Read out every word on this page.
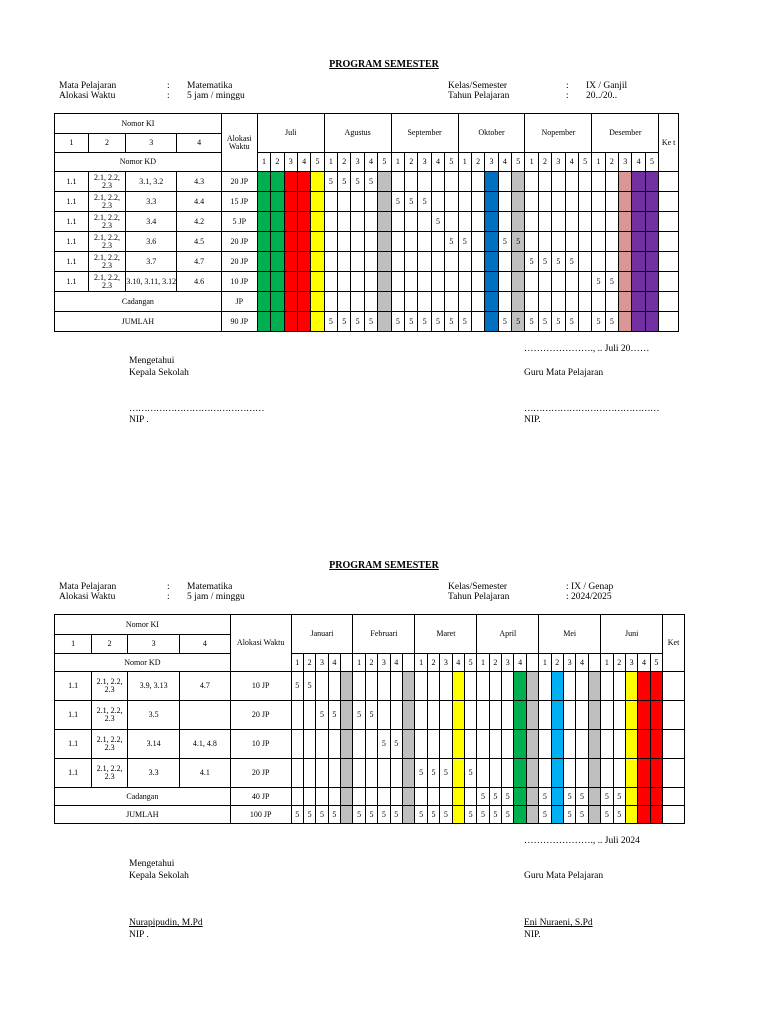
PROGRAM SEMESTER
Mata Pelajaran	: Matematika
Alokasi Waktu	: 5 jam / minggu
Kelas/Semester	: IX / Ganjil
Tahun Pelajaran	: 20../20..
Nomor KI				Alokasi Waktu	Juli					Agustus					September					Oktober					Nopember					Desember					Ke t
1	2	3	4																																
Nomor KD					1	2	3	4	5	1	2	3	4	5	1	2	3	4	5	1	2	3	4	5	1	2	3	4	5	1	2	3	4	5	
1.1	2.1, 2.2, 2.3	3.1, 3.2	4.3	20 JP						5	5	5	5																						
1.1	2.1, 2.2, 2.3	3.3	4.4	15 JP											5	5	5																		
1.1	2.1, 2.2, 2.3	3.4	4.2	5 JP														5																	
1.1	2.1, 2.2, 2.3	3.6	4.5	20 JP															5	5			5	5											
1.1	2.1, 2.2, 2.3	3.7	4.7	20 JP																					5	5	5	5							
1.1	2.1, 2.2, 2.3	3.10, 3.11, 3.12	4.6	10 JP																										5	5				
Cadangan				JP																															
JUMLAH				90 JP						5	5	5	5		5	5	5	5	5	5			5	5	5	5	5	5		5	5				
Mengetahui
Kepala Sekolah
………………………………………
NIP .
…………………., .. Juli 20……
Guru Mata Pelajaran
………………………………………
NIP.
PROGRAM SEMESTER
Mata Pelajaran	: Matematika
Alokasi Waktu	: 5 jam / minggu
Kelas/Semester	: IX / Genap
Tahun Pelajaran	: 2024/2025
Nomor KI				Alokasi Waktu	Januari					Februari					Maret					April					Mei					Juni					Ket
1	2	3	4																																
Nomor KD					1	2	3	4		1	2	3	4		1	2	3	4	5	1	2	3	4		1	2	3	4		1	2	3	4	5	
1.1	2.1, 2.2, 2.3	3.9, 3.13	4.7	10 JP	5	5																													
1.1	2.1, 2.2, 2.3	3.5		20 JP			5	5		5	5																								
1.1	2.1, 2.2, 2.3	3.14	4.1, 4.8	10 JP								5	5																						
1.1	2.1, 2.2, 2.3	3.3	4.1	20 JP											5	5	5		5																
Cadangan				40 JP																5	5	5			5		5	5		5	5				
JUMLAH				100 JP	5	5	5	5		5	5	5	5		5	5	5		5	5	5	5			5		5	5		5	5				
…………………., .. Juli 2024
Mengetahui
Kepala Sekolah
Nurapipudin, M.Pd
NIP .
Guru Mata Pelajaran
Eni Nuraeni, S.Pd
NIP.
